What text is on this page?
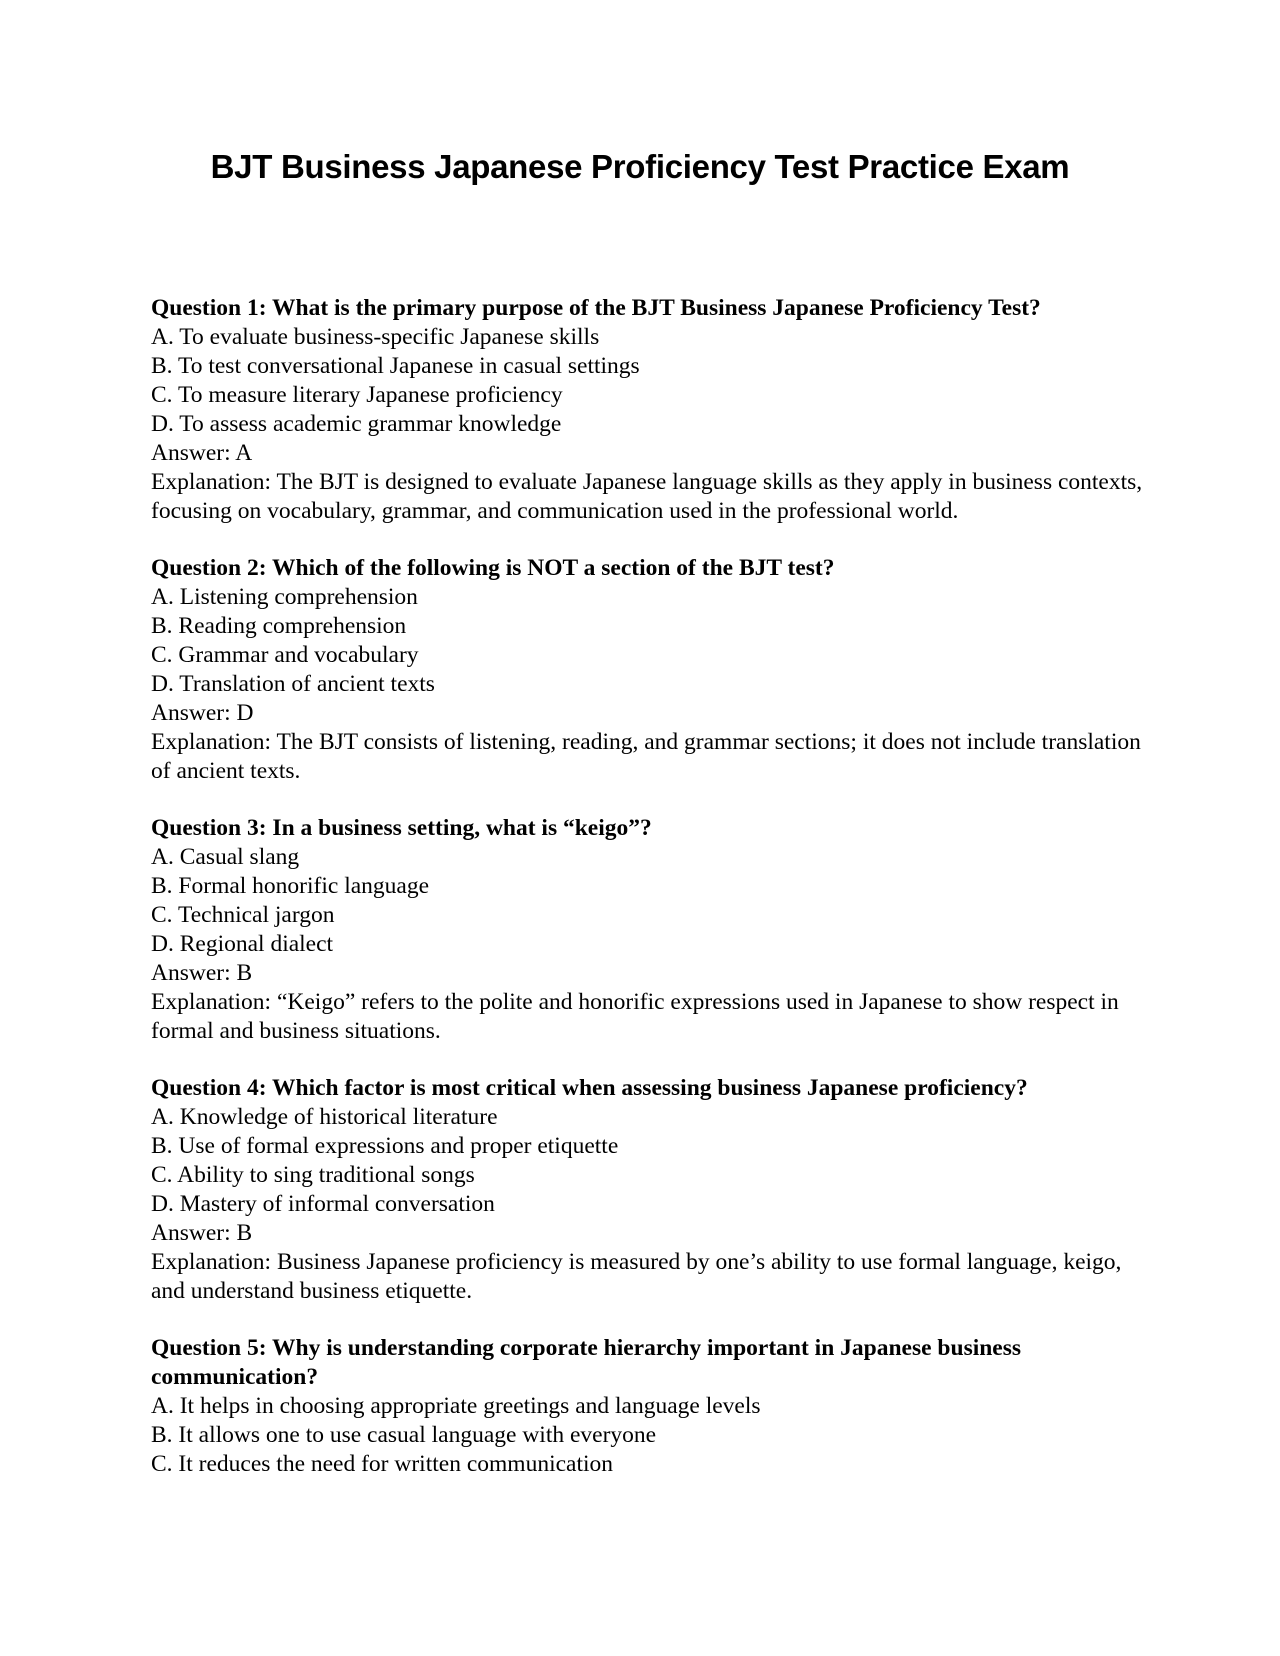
BJT Business Japanese Proficiency Test Practice Exam

Question 1: What is the primary purpose of the BJT Business Japanese Proficiency Test?

A. To evaluate business-specific Japanese skills

B. To test conversational Japanese in casual settings

C. To measure literary Japanese proficiency

D. To assess academic grammar knowledge

Answer: A

Explanation: The BJT is designed to evaluate Japanese language skills as they apply in business contexts, focusing on vocabulary, grammar, and communication used in the professional world.

Question 2: Which of the following is NOT a section of the BJT test?

A. Listening comprehension

B. Reading comprehension

C. Grammar and vocabulary

D. Translation of ancient texts

Answer: D

Explanation: The BJT consists of listening, reading, and grammar sections; it does not include translation of ancient texts.

Question 3: In a business setting, what is “keigo”?

A. Casual slang

B. Formal honorific language

C. Technical jargon

D. Regional dialect

Answer: B

Explanation: “Keigo” refers to the polite and honorific expressions used in Japanese to show respect in formal and business situations.

Question 4: Which factor is most critical when assessing business Japanese proficiency?

A. Knowledge of historical literature

B. Use of formal expressions and proper etiquette

C. Ability to sing traditional songs

D. Mastery of informal conversation

Answer: B

Explanation: Business Japanese proficiency is measured by one’s ability to use formal language, keigo, and understand business etiquette.

Question 5: Why is understanding corporate hierarchy important in Japanese business communication?

A. It helps in choosing appropriate greetings and language levels

B. It allows one to use casual language with everyone

C. It reduces the need for written communication
